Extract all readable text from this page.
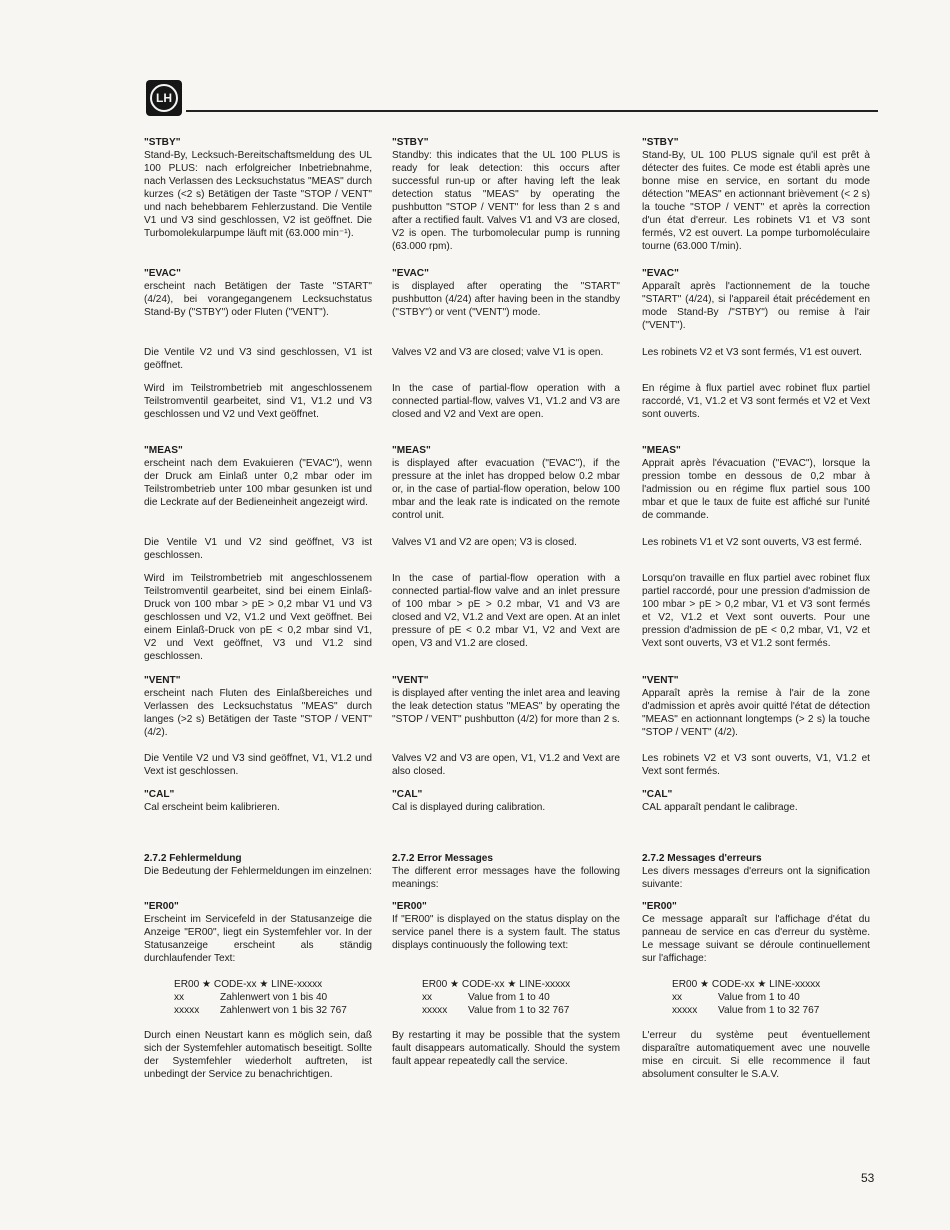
LH
"STBY"
Stand-By, Lecksuch-Bereitschaftsmeldung des UL 100 PLUS: nach erfolgreicher Inbetriebnahme, nach Verlassen des Lecksuchstatus "MEAS" durch kurzes (<2 s) Betätigen der Taste "STOP / VENT" und nach behebbarem Fehlerzustand. Die Ventile V1 und V3 sind geschlossen, V2 ist geöffnet. Die Turbomolekularpumpe läuft mit (63.000 min⁻¹).
"EVAC"
erscheint nach Betätigen der Taste "START" (4/24), bei vorangegangenem Lecksuchstatus Stand-By ("STBY") oder Fluten ("VENT").
Die Ventile V2 und V3 sind geschlossen, V1 ist geöffnet.
Wird im Teilstrombetrieb mit angeschlossenem Teilstromventil gearbeitet, sind V1, V1.2 und V3 geschlossen und V2 und Vext geöffnet.
"MEAS"
erscheint nach dem Evakuieren ("EVAC"), wenn der Druck am Einlaß unter 0,2 mbar oder im Teilstrombetrieb unter 100 mbar gesunken ist und die Leckrate auf der Bedieneinheit angezeigt wird.
Die Ventile V1 und V2 sind geöffnet, V3 ist geschlossen.
Wird im Teilstrombetrieb mit angeschlossenem Teilstromventil gearbeitet, sind bei einem Einlaß-Druck von 100 mbar > pE > 0,2 mbar V1 und V3 geschlossen und V2, V1.2 und Vext geöffnet. Bei einem Einlaß-Druck von pE < 0,2 mbar sind V1, V2 und Vext geöffnet, V3 und V1.2 sind geschlossen.
"VENT"
erscheint nach Fluten des Einlaßbereiches und Verlassen des Lecksuchstatus "MEAS" durch langes (>2 s) Betätigen der Taste "STOP / VENT" (4/2).
Die Ventile V2 und V3 sind geöffnet, V1, V1.2 und Vext ist geschlossen.
"CAL"
Cal erscheint beim kalibrieren.
2.7.2 Fehlermeldung
Die Bedeutung der Fehlermeldungen im einzelnen:
"ER00"
Erscheint im Servicefeld in der Statusanzeige die Anzeige "ER00", liegt ein Systemfehler vor. In der Statusanzeige erscheint als ständig durchlaufender Text:
ER00 ★ CODE-xx ★ LINE-xxxxx
xx	Zahlenwert von 1 bis 40
xxxxx	Zahlenwert von 1 bis 32 767
Durch einen Neustart kann es möglich sein, daß sich der Systemfehler automatisch beseitigt. Sollte der Systemfehler wiederholt auftreten, ist unbedingt der Service zu benachrichtigen.
"STBY"
Standby: this indicates that the UL 100 PLUS is ready for leak detection: this occurs after successful run-up or after having left the leak detection status "MEAS" by operating the pushbutton "STOP / VENT" for less than 2 s and after a rectified fault. Valves V1 and V3 are closed, V2 is open. The turbomolecular pump is running (63.000 rpm).
"EVAC"
is displayed after operating the "START" pushbutton (4/24) after having been in the standby ("STBY") or vent ("VENT") mode.
Valves V2 and V3 are closed; valve V1 is open.
In the case of partial-flow operation with a connected partial-flow, valves V1, V1.2 and V3 are closed and V2 and Vext are open.
"MEAS"
is displayed after evacuation ("EVAC"), if the pressure at the inlet has dropped below 0.2 mbar or, in the case of partial-flow operation, below 100 mbar and the leak rate is indicated on the remote control unit.
Valves V1 and V2 are open; V3 is closed.
In the case of partial-flow operation with a connected partial-flow valve and an inlet pressure of 100 mbar > pE > 0.2 mbar, V1 and V3 are closed and V2, V1.2 and Vext are open. At an inlet pressure of pE < 0.2 mbar V1, V2 and Vext are open, V3 and V1.2 are closed.
"VENT"
is displayed after venting the inlet area and leaving the leak detection status "MEAS" by operating the "STOP / VENT" pushbutton (4/2) for more than 2 s.
Valves V2 and V3 are open, V1, V1.2 and Vext are also closed.
"CAL"
Cal is displayed during calibration.
2.7.2 Error Messages
The different error messages have the following meanings:
"ER00"
If "ER00" is displayed on the status display on the service panel there is a system fault. The status displays continuously the following text:
ER00 ★ CODE-xx ★ LINE-xxxxx
xx	Value from 1 to 40
xxxxx	Value from 1 to 32 767
By restarting it may be possible that the system fault disappears automatically. Should the system fault appear repeatedly call the service.
"STBY"
Stand-By, UL 100 PLUS signale qu'il est prêt à détecter des fuites. Ce mode est établi après une bonne mise en service, en sortant du mode détection "MEAS" en actionnant brièvement (< 2 s) la touche "STOP / VENT" et après la correction d'un état d'erreur. Les robinets V1 et V3 sont fermés, V2 est ouvert. La pompe turbomoléculaire tourne (63.000 T/min).
"EVAC"
Apparaît après l'actionnement de la touche "START" (4/24), si l'appareil était précédement en mode Stand-By /"STBY") ou remise à l'air ("VENT").
Les robinets V2 et V3 sont fermés, V1 est ouvert.
En régime à flux partiel avec robinet flux partiel raccordé, V1, V1.2 et V3 sont fermés et V2 et Vext sont ouverts.
"MEAS"
Apprait après l'évacuation ("EVAC"), lorsque la pression tombe en dessous de 0,2 mbar à l'admission ou en régime flux partiel sous 100 mbar et que le taux de fuite est affiché sur l'unité de commande.
Les robinets V1 et V2 sont ouverts, V3 est fermé.
Lorsqu'on travaille en flux partiel avec robinet flux partiel raccordé, pour une pression d'admission de 100 mbar > pE > 0,2 mbar, V1 et V3 sont fermés et V2, V1.2 et Vext sont ouverts. Pour une pression d'admission de pE < 0,2 mbar, V1, V2 et Vext sont ouverts, V3 et V1.2 sont fermés.
"VENT"
Apparaît après la remise à l'air de la zone d'admission et après avoir quitté l'état de détection "MEAS" en actionnant longtemps (> 2 s) la touche "STOP / VENT" (4/2).
Les robinets V2 et V3 sont ouverts, V1, V1.2 et Vext sont fermés.
"CAL"
CAL apparaît pendant le calibrage.
2.7.2 Messages d'erreurs
Les divers messages d'erreurs ont la signification suivante:
"ER00"
Ce message apparaît sur l'affichage d'état du panneau de service en cas d'erreur du système. Le message suivant se déroule continuellement sur l'affichage:
ER00 ★ CODE-xx ★ LINE-xxxxx
xx	Value from 1 to 40
xxxxx	Value from 1 to 32 767
L'erreur du système peut éventuellement disparaître automatiquement avec une nouvelle mise en circuit. Si elle recommence il faut absolument consulter le S.A.V.
53
